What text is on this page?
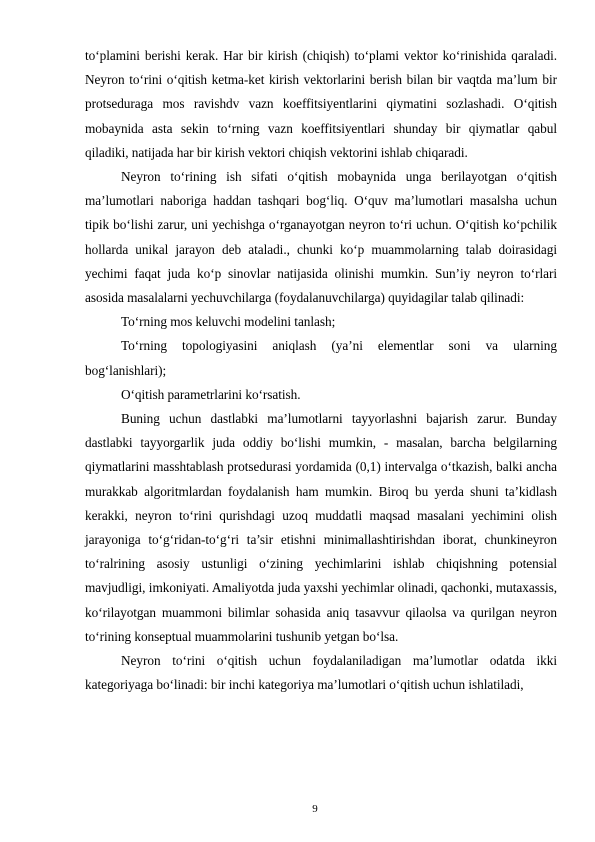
to‘plamini berishi kerak. Har bir kirish (chiqish) to‘plami vektor ko‘rinishida qaraladi. Neyron to‘rini o‘qitish ketma-ket kirish vektorlarini berish bilan bir vaqtda ma’lum bir protseduraga mos ravishdv vazn koeffitsiyentlarini qiymatini sozlashadi. O‘qitish mobaynida asta sekin to‘rning vazn koeffitsiyentlari shunday bir qiymatlar qabul qiladiki, natijada har bir kirish vektori chiqish vektorini ishlab chiqaradi.

Neyron to‘rining ish sifati o‘qitish mobaynida unga berilayotgan o‘qitish ma’lumotlari naboriga haddan tashqari bog‘liq. O‘quv ma’lumotlari masalsha uchun tipik bo‘lishi zarur, uni yechishga o‘rganayotgan neyron to‘ri uchun. O‘qitish ko‘pchilik hollarda unikal jarayon deb ataladi., chunki ko‘p muammolarning talab doirasidagi yechimi faqat juda ko‘p sinovlar natijasida olinishi mumkin. Sun’iy neyron to‘rlari asosida masalalarni yechuvchilarga (foydalanuvchilarga) quyidagilar talab qilinadi:

To‘rning mos keluvchi modelini tanlash;

To‘rning topologiyasini aniqlash (ya’ni elementlar soni va ularning bog‘lanishlari);

O‘qitish parametrlarini ko‘rsatish.

Buning uchun dastlabki ma’lumotlarni tayyorlashni bajarish zarur. Bunday dastlabki tayyorgarlik juda oddiy bo‘lishi mumkin, - masalan, barcha belgilarning qiymatlarini masshtablash protsedurasi yordamida (0,1) intervalga o‘tkazish, balki ancha murakkab algoritmlardan foydalanish ham mumkin. Biroq bu yerda shuni ta’kidlash kerakki, neyron to‘rini qurishdagi uzoq muddatli maqsad masalani yechimini olish jarayoniga to‘g‘ridan-to‘g‘ri ta’sir etishni minimallashtirishdan iborat, chunkineyron to‘ralrining asosiy ustunligi o‘zining yechimlarini ishlab chiqishning potensial mavjudligi, imkoniyati. Amaliyotda juda yaxshi yechimlar olinadi, qachonki, mutaxassis, ko‘rilayotgan muammoni bilimlar sohasida aniq tasavvur qilaolsa va qurilgan neyron to‘rining konseptual muammolarini tushunib yetgan bo‘lsa.

Neyron to‘rini o‘qitish uchun foydalaniladigan ma’lumotlar odatda ikki kategoriyaga bo‘linadi: bir inchi kategoriya ma’lumotlari o‘qitish uchun ishlatiladi,

9
